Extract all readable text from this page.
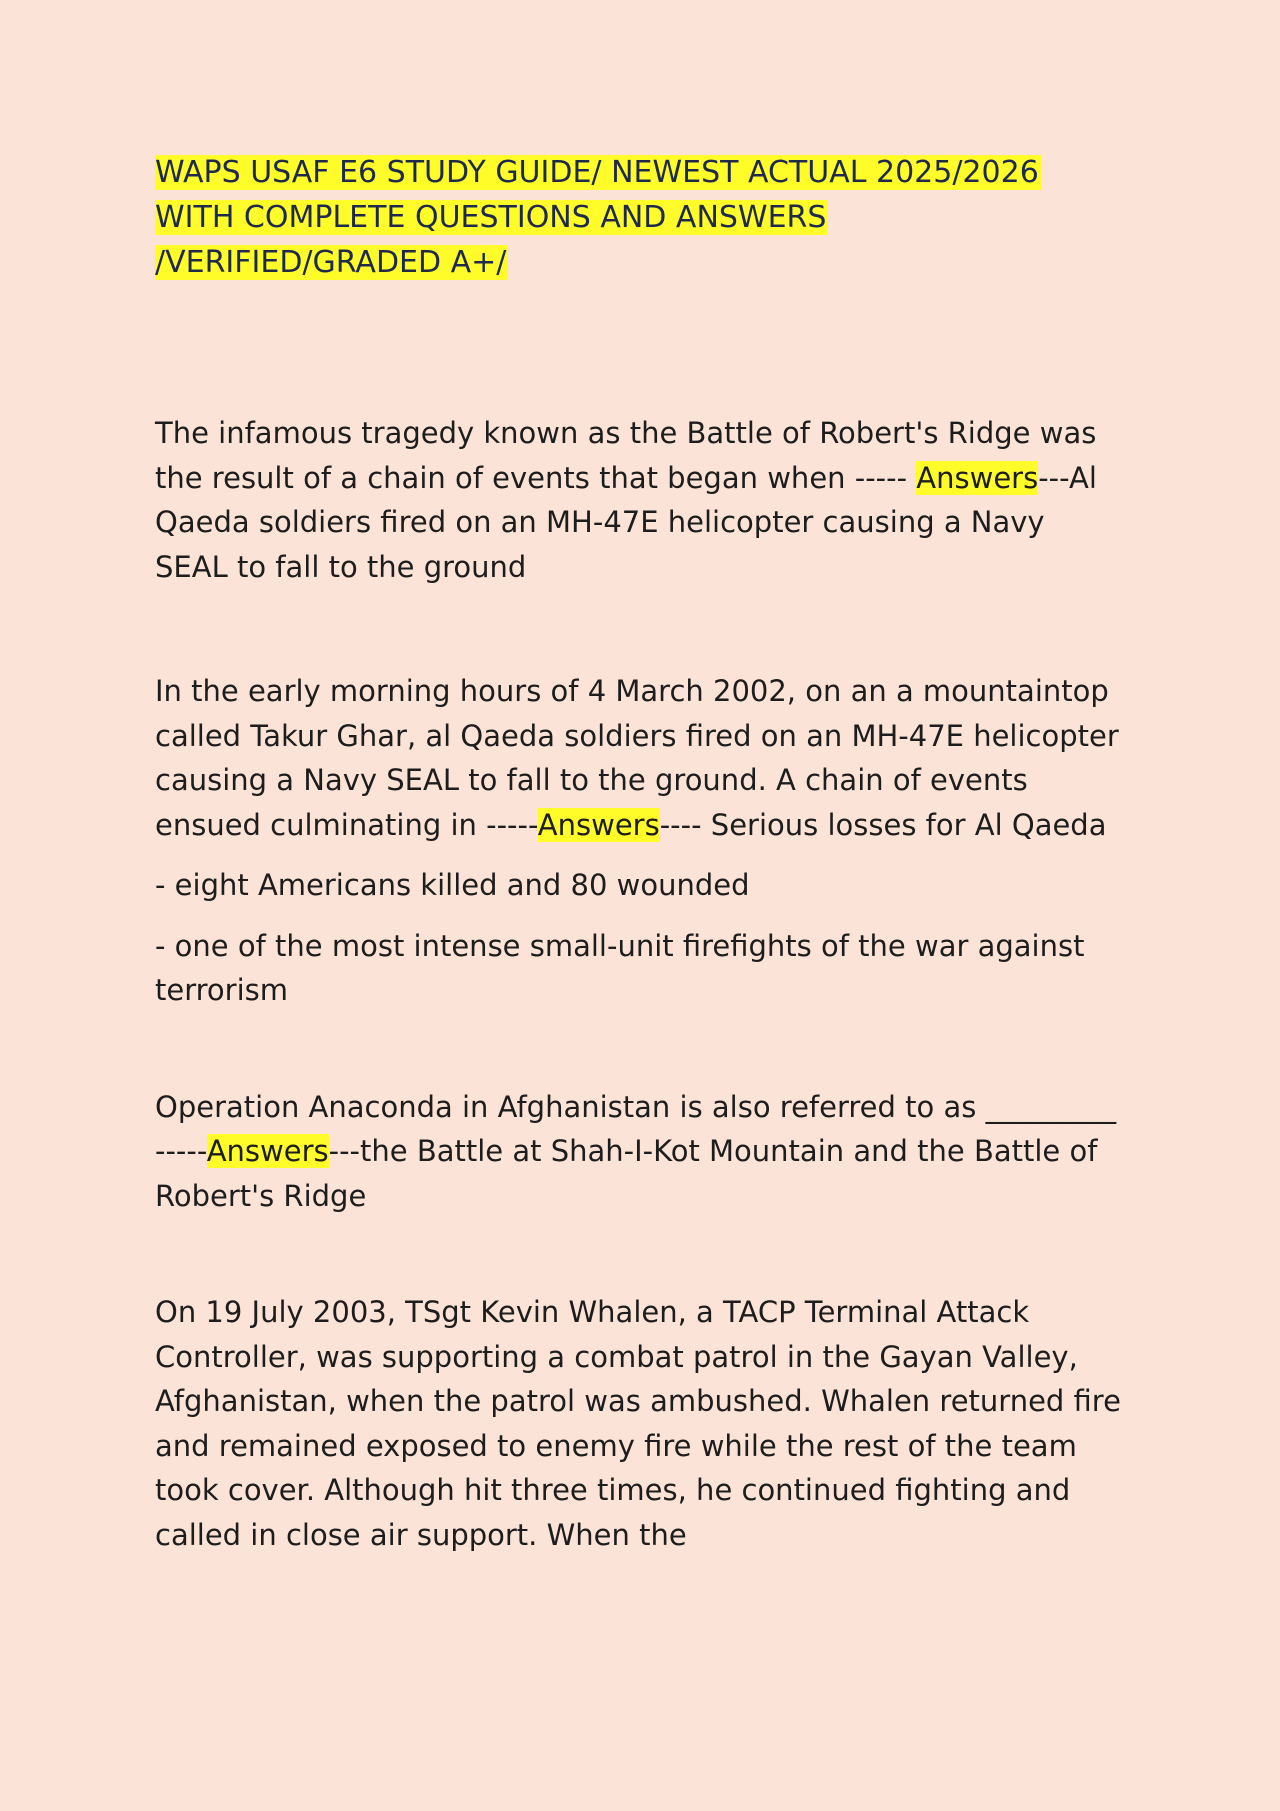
WAPS USAF E6 STUDY GUIDE/ NEWEST ACTUAL 2025/2026
WITH COMPLETE QUESTIONS AND ANSWERS
/VERIFIED/GRADED A+/

The infamous tragedy known as the Battle of Robert's Ridge was the result of a chain of events that began when ----- Answers---Al Qaeda soldiers fired on an MH-47E helicopter causing a Navy SEAL to fall to the ground

In the early morning hours of 4 March 2002, on an a mountaintop called Takur Ghar, al Qaeda soldiers fired on an MH-47E helicopter causing a Navy SEAL to fall to the ground. A chain of events ensued culminating in -----Answers---- Serious losses for Al Qaeda

- eight Americans killed and 80 wounded

- one of the most intense small-unit firefights of the war against terrorism

Operation Anaconda in Afghanistan is also referred to as _________ -----Answers---the Battle at Shah-I-Kot Mountain and the Battle of Robert's Ridge

On 19 July 2003, TSgt Kevin Whalen, a TACP Terminal Attack Controller, was supporting a combat patrol in the Gayan Valley, Afghanistan, when the patrol was ambushed. Whalen returned fire and remained exposed to enemy fire while the rest of the team took cover. Although hit three times, he continued fighting and called in close air support. When the
